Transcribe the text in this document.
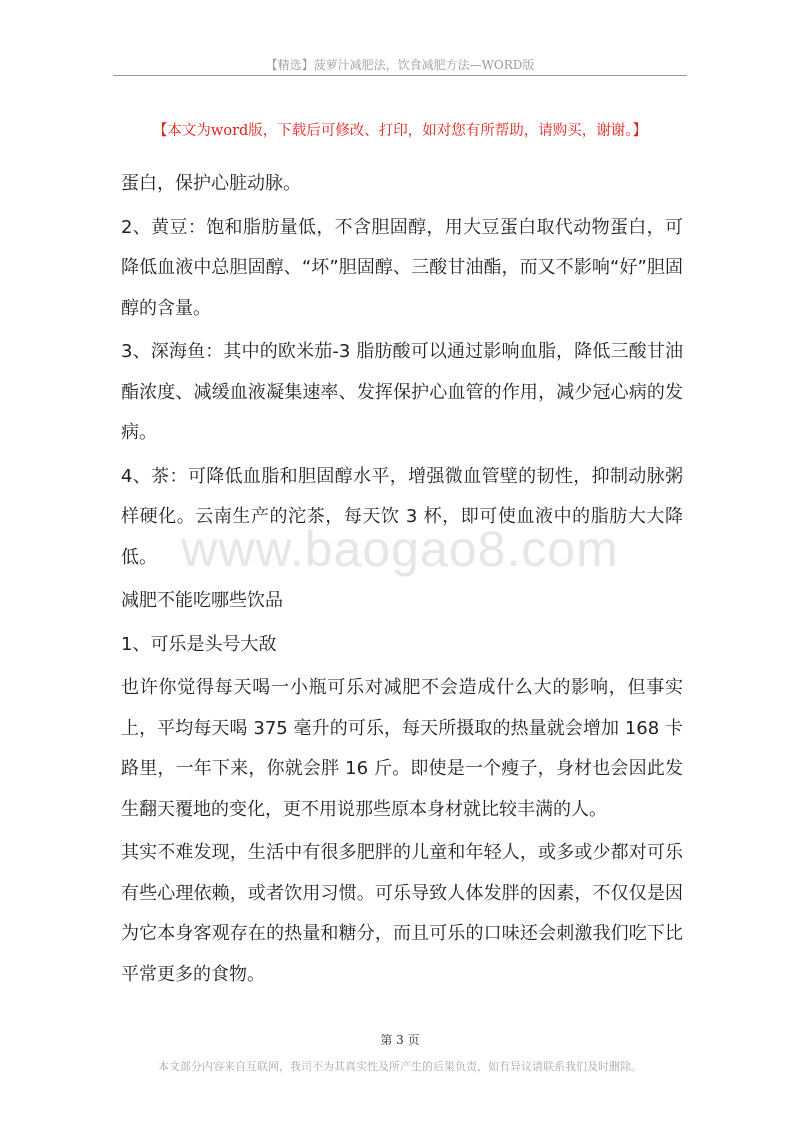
【精选】菠萝汁减肥法，饮食减肥方法—WORD版
【本文为word版，下载后可修改、打印，如对您有所帮助，请购买，谢谢。】
www.baogao8.com

蛋白，保护心脏动脉。

2、黄豆：饱和脂肪量低，不含胆固醇，用大豆蛋白取代动物蛋白，可降低血液中总胆固醇、“坏”胆固醇、三酸甘油酯，而又不影响“好”胆固醇的含量。

3、深海鱼：其中的欧米茄-3 脂肪酸可以通过影响血脂，降低三酸甘油酯浓度、减缓血液凝集速率、发挥保护心血管的作用，减少冠心病的发病。

4、茶：可降低血脂和胆固醇水平，增强微血管壁的韧性，抑制动脉粥样硬化。云南生产的沱茶，每天饮 3 杯，即可使血液中的脂肪大大降低。

减肥不能吃哪些饮品

1、可乐是头号大敌

也许你觉得每天喝一小瓶可乐对减肥不会造成什么大的影响，但事实上，平均每天喝 375 毫升的可乐，每天所摄取的热量就会增加 168 卡路里，一年下来，你就会胖 16 斤。即使是一个瘦子，身材也会因此发生翻天覆地的变化，更不用说那些原本身材就比较丰满的人。

其实不难发现，生活中有很多肥胖的儿童和年轻人，或多或少都对可乐有些心理依赖，或者饮用习惯。可乐导致人体发胖的因素，不仅仅是因为它本身客观存在的热量和糖分，而且可乐的口味还会刺激我们吃下比平常更多的食物。

第 3 页
本文部分内容来自互联网，我司不为其真实性及所产生的后果负责，如有异议请联系我们及时删除。
